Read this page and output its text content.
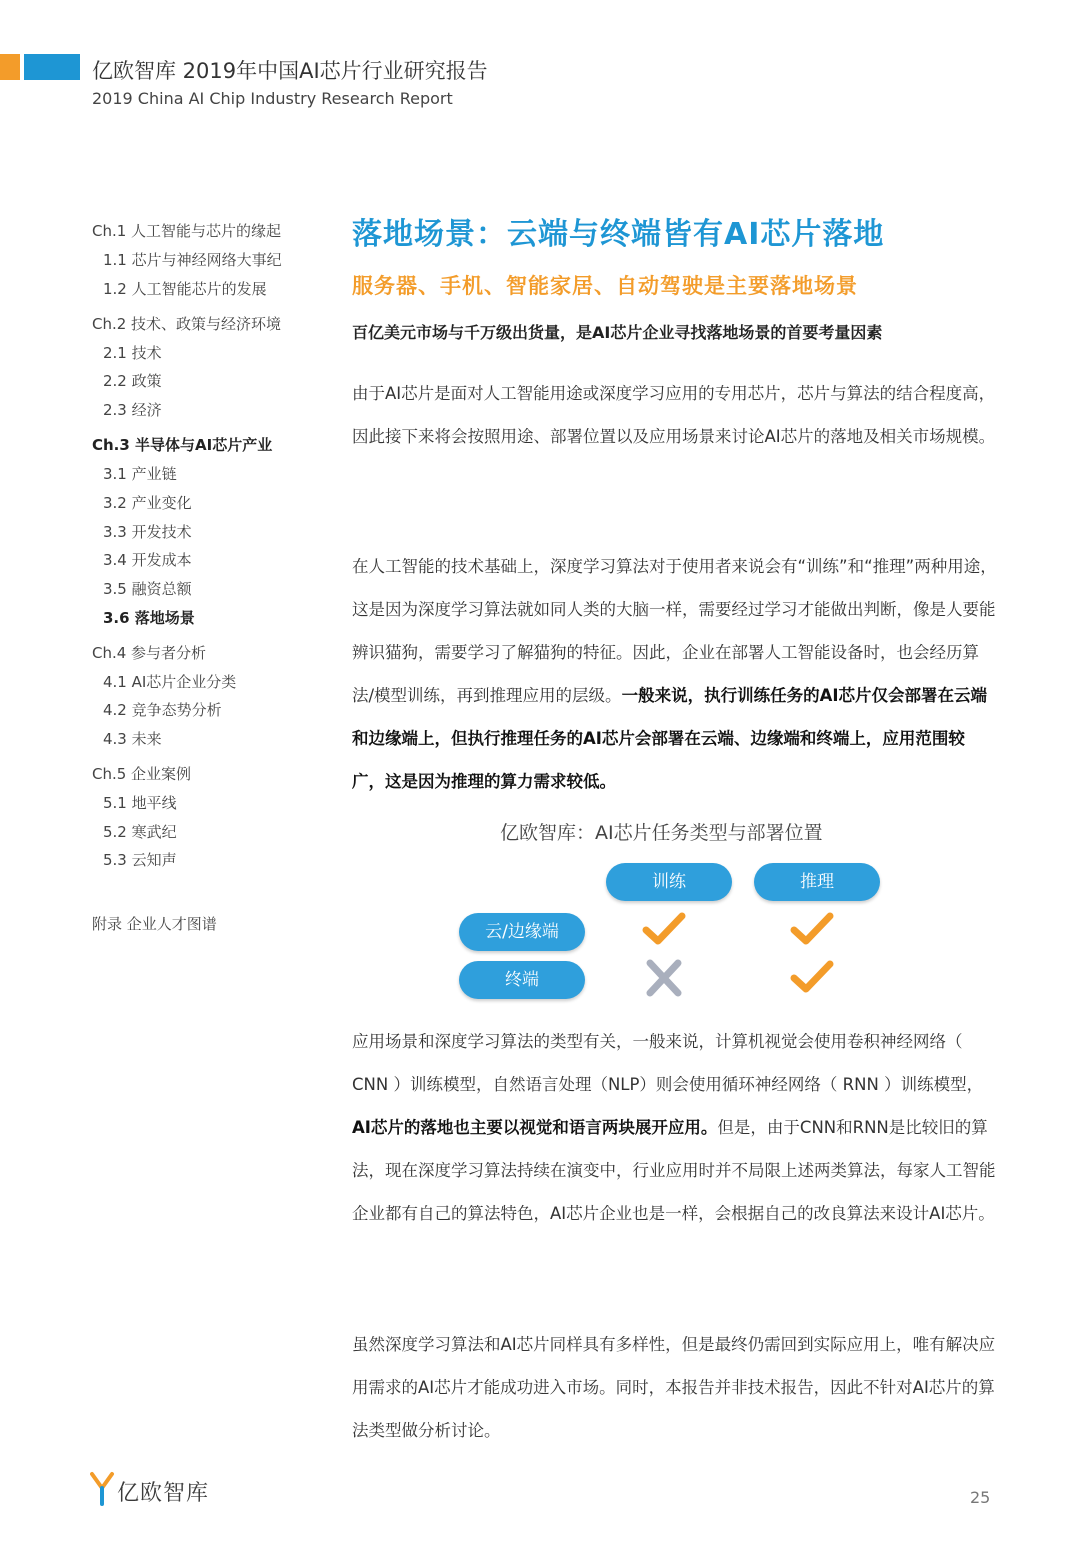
亿欧智库 2019年中国AI芯片行业研究报告
2019 China AI Chip Industry Research Report
Ch.1 人工智能与芯片的缘起
1.1 芯片与神经网络大事纪
1.2 人工智能芯片的发展
Ch.2 技术、政策与经济环境
2.1 技术
2.2 政策
2.3 经济
Ch.3 半导体与AI芯片产业
3.1 产业链
3.2 产业变化
3.3 开发技术
3.4 开发成本
3.5 融资总额
3.6 落地场景
Ch.4 参与者分析
4.1 AI芯片企业分类
4.2 竞争态势分析
4.3 未来
Ch.5 企业案例
5.1 地平线
5.2 寒武纪
5.3 云知声
附录 企业人才图谱
落地场景：云端与终端皆有AI芯片落地
服务器、手机、智能家居、自动驾驶是主要落地场景
百亿美元市场与千万级出货量，是AI芯片企业寻找落地场景的首要考量因素
由于AI芯片是面对人工智能用途或深度学习应用的专用芯片，芯片与算法的结合程度高，因此接下来将会按照用途、部署位置以及应用场景来讨论AI芯片的落地及相关市场规模。
在人工智能的技术基础上，深度学习算法对于使用者来说会有“训练”和“推理”两种用途，这是因为深度学习算法就如同人类的大脑一样，需要经过学习才能做出判断，像是人要能辨识猫狗，需要学习了解猫狗的特征。因此，企业在部署人工智能设备时，也会经历算法/模型训练，再到推理应用的层级。一般来说，执行训练任务的AI芯片仅会部署在云端和边缘端上，但执行推理任务的AI芯片会部署在云端、边缘端和终端上，应用范围较广，这是因为推理的算力需求较低。
亿欧智库：AI芯片任务类型与部署位置
训练	推理
云/边缘端
终端
应用场景和深度学习算法的类型有关，一般来说，计算机视觉会使用卷积神经网络（ CNN ）训练模型，自然语言处理（NLP）则会使用循环神经网络（ RNN ）训练模型，AI芯片的落地也主要以视觉和语言两块展开应用。但是，由于CNN和RNN是比较旧的算法，现在深度学习算法持续在演变中，行业应用时并不局限上述两类算法，每家人工智能企业都有自己的算法特色，AI芯片企业也是一样，会根据自己的改良算法来设计AI芯片。
虽然深度学习算法和AI芯片同样具有多样性，但是最终仍需回到实际应用上，唯有解决应用需求的AI芯片才能成功进入市场。同时，本报告并非技术报告，因此不针对AI芯片的算法类型做分析讨论。
亿欧智库	25
